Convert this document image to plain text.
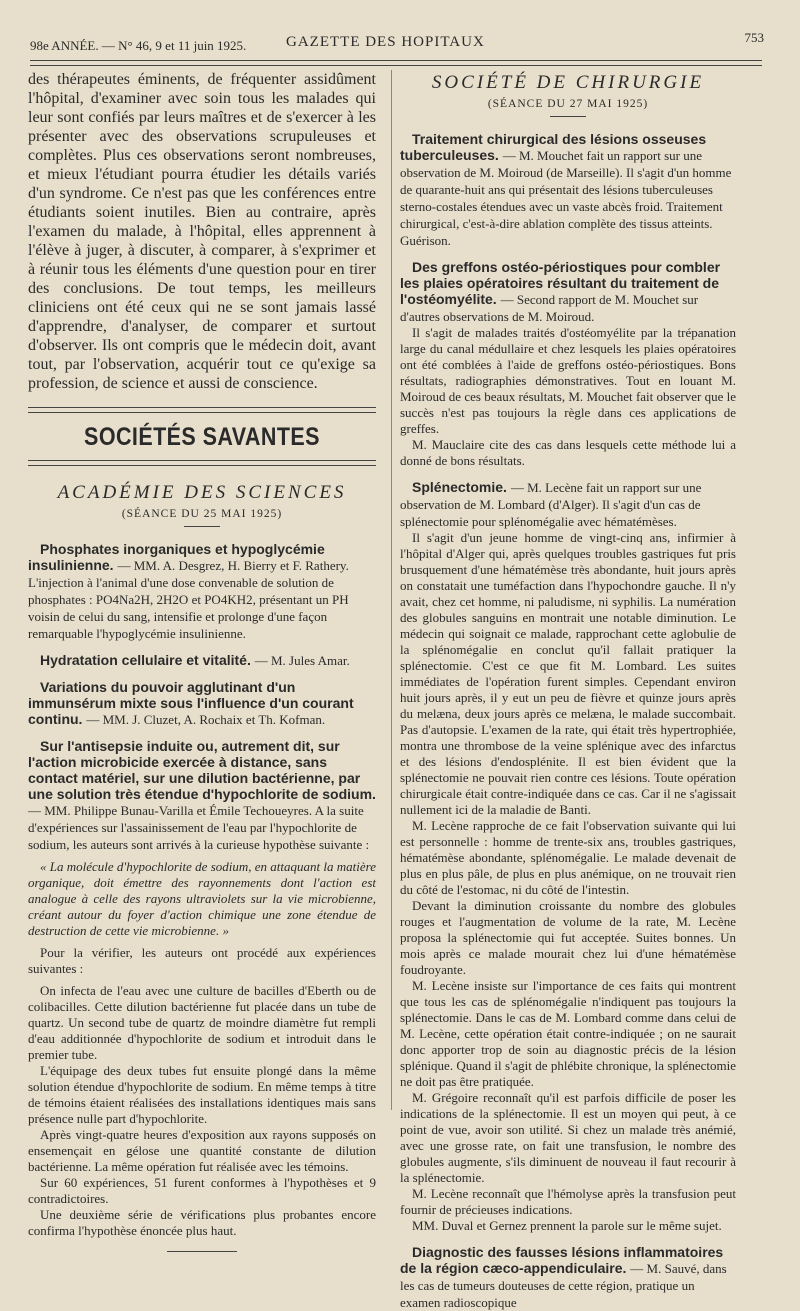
98e ANNÉE. — N° 46, 9 et 11 juin 1925.	GAZETTE DES HOPITAUX	753

des thérapeutes éminents, de fréquenter assidûment l'hôpital, d'examiner avec soin tous les malades qui leur sont confiés par leurs maîtres et de s'exercer à les présenter avec des observations scrupuleuses et complètes. Plus ces observations seront nombreuses, et mieux l'étudiant pourra étudier les détails variés d'un syndrome. Ce n'est pas que les conférences entre étudiants soient inutiles. Bien au contraire, après l'examen du malade, à l'hôpital, elles apprennent à l'élève à juger, à discuter, à comparer, à s'exprimer et à réunir tous les éléments d'une question pour en tirer des conclusions. De tout temps, les meilleurs cliniciens ont été ceux qui ne se sont jamais lassé d'apprendre, d'analyser, de comparer et surtout d'observer. Ils ont compris que le médecin doit, avant tout, par l'observation, acquérir tout ce qu'exige sa profession, de science et aussi de conscience.

SOCIÉTÉS SAVANTES
ACADÉMIE DES SCIENCES
(SÉANCE DU 25 MAI 1925)

Phosphates inorganiques et hypoglycémie insulinienne. — MM. A. Desgrez, H. Bierry et F. Rathery. L'injection à l'animal d'une dose convenable de solution de phosphates : PO4Na2H, 2H2O et PO4KH2, présentant un PH voisin de celui du sang, intensifie et prolonge d'une façon remarquable l'hypoglycémie insulinienne.

Hydratation cellulaire et vitalité. — M. Jules Amar.

Variations du pouvoir agglutinant d'un immunsérum mixte sous l'influence d'un courant continu. — MM. J. Cluzet, A. Rochaix et Th. Kofman.

Sur l'antisepsie induite ou, autrement dit, sur l'action microbicide exercée à distance, sans contact matériel, sur une dilution bactérienne, par une solution très étendue d'hypochlorite de sodium. — MM. Philippe Bunau-Varilla et Émile Techoueyres. A la suite d'expériences sur l'assainissement de l'eau par l'hypochlorite de sodium, les auteurs sont arrivés à la curieuse hypothèse suivante :

« La molécule d'hypochlorite de sodium, en attaquant la matière organique, doit émettre des rayonnements dont l'action est analogue à celle des rayons ultraviolets sur la vie microbienne, créant autour du foyer d'action chimique une zone étendue de destruction de cette vie microbienne. »

Pour la vérifier, les auteurs ont procédé aux expériences suivantes :

On infecta de l'eau avec une culture de bacilles d'Eberth ou de colibacilles. Cette dilution bactérienne fut placée dans un tube de quartz. Un second tube de quartz de moindre diamètre fut rempli d'eau additionnée d'hypochlorite de sodium et introduit dans le premier tube.

L'équipage des deux tubes fut ensuite plongé dans la même solution étendue d'hypochlorite de sodium. En même temps à titre de témoins étaient réalisées des installations identiques mais sans présence nulle part d'hypochlorite.

Après vingt-quatre heures d'exposition aux rayons supposés on ensemençait en gélose une quantité constante de dilution bactérienne. La même opération fut réalisée avec les témoins.

Sur 60 expériences, 51 furent conformes à l'hypothèses et 9 contradictoires.

Une deuxième série de vérifications plus probantes encore confirma l'hypothèse énoncée plus haut.

SOCIÉTÉ DE CHIRURGIE
(SÉANCE DU 27 MAI 1925)

Traitement chirurgical des lésions osseuses tuberculeuses. — M. Mouchet fait un rapport sur une observation de M. Moiroud (de Marseille). Il s'agit d'un homme de quarante-huit ans qui présentait des lésions tuberculeuses sterno-costales étendues avec un vaste abcès froid. Traitement chirurgical, c'est-à-dire ablation complète des tissus atteints. Guérison.

Des greffons ostéo-périostiques pour combler les plaies opératoires résultant du traitement de l'ostéomyélite. — Second rapport de M. Mouchet sur d'autres observations de M. Moiroud.

Il s'agit de malades traités d'ostéomyélite par la trépanation large du canal médullaire et chez lesquels les plaies opératoires ont été comblées à l'aide de greffons ostéo-périostiques. Bons résultats, radiographies démonstratives. Tout en louant M. Moiroud de ces beaux résultats, M. Mouchet fait observer que le succès n'est pas toujours la règle dans ces applications de greffes.

M. Mauclaire cite des cas dans lesquels cette méthode lui a donné de bons résultats.

Splénectomie. — M. Lecène fait un rapport sur une observation de M. Lombard (d'Alger). Il s'agit d'un cas de splénectomie pour splénomégalie avec hématémèses.

Il s'agit d'un jeune homme de vingt-cinq ans, infirmier à l'hôpital d'Alger qui, après quelques troubles gastriques fut pris brusquement d'une hématémèse très abondante, huit jours après on constatait une tuméfaction dans l'hypochondre gauche. Il n'y avait, chez cet homme, ni paludisme, ni syphilis. La numération des globules sanguins en montrait une notable diminution. Le médecin qui soignait ce malade, rapprochant cette aglobulie de la splénomégalie en conclut qu'il fallait pratiquer la splénectomie. C'est ce que fit M. Lombard. Les suites immédiates de l'opération furent simples. Cependant environ huit jours après, il y eut un peu de fièvre et quinze jours après du melæna, deux jours après ce melæna, le malade succombait. Pas d'autopsie. L'examen de la rate, qui était très hypertrophiée, montra une thrombose de la veine splénique avec des infarctus et des lésions d'endosplénite. Il est bien évident que la splénectomie ne pouvait rien contre ces lésions. Toute opération chirurgicale était contre-indiquée dans ce cas. Car il ne s'agissait nullement ici de la maladie de Banti.

M. Lecène rapproche de ce fait l'observation suivante qui lui est personnelle : homme de trente-six ans, troubles gastriques, hématémèse abondante, splénomégalie. Le malade devenait de plus en plus pâle, de plus en plus anémique, on ne trouvait rien du côté de l'estomac, ni du côté de l'intestin.

Devant la diminution croissante du nombre des globules rouges et l'augmentation de volume de la rate, M. Lecène proposa la splénectomie qui fut acceptée. Suites bonnes. Un mois après ce malade mourait chez lui d'une hématémèse foudroyante.

M. Lecène insiste sur l'importance de ces faits qui montrent que tous les cas de splénomégalie n'indiquent pas toujours la splénectomie. Dans le cas de M. Lombard comme dans celui de M. Lecène, cette opération était contre-indiquée ; on ne saurait donc apporter trop de soin au diagnostic précis de la lésion splénique. Quand il s'agit de phlébite chronique, la splénectomie ne doit pas être pratiquée.

M. Grégoire reconnaît qu'il est parfois difficile de poser les indications de la splénectomie. Il est un moyen qui peut, à ce point de vue, avoir son utilité. Si chez un malade très anémié, avec une grosse rate, on fait une transfusion, le nombre des globules augmente, s'ils diminuent de nouveau il faut recourir à la splénectomie.

M. Lecène reconnaît que l'hémolyse après la transfusion peut fournir de précieuses indications.

MM. Duval et Gernez prennent la parole sur le même sujet.

Diagnostic des fausses lésions inflammatoires de la région cæco-appendiculaire. — M. Sauvé, dans les cas de tumeurs douteuses de cette région, pratique un examen radioscopique
